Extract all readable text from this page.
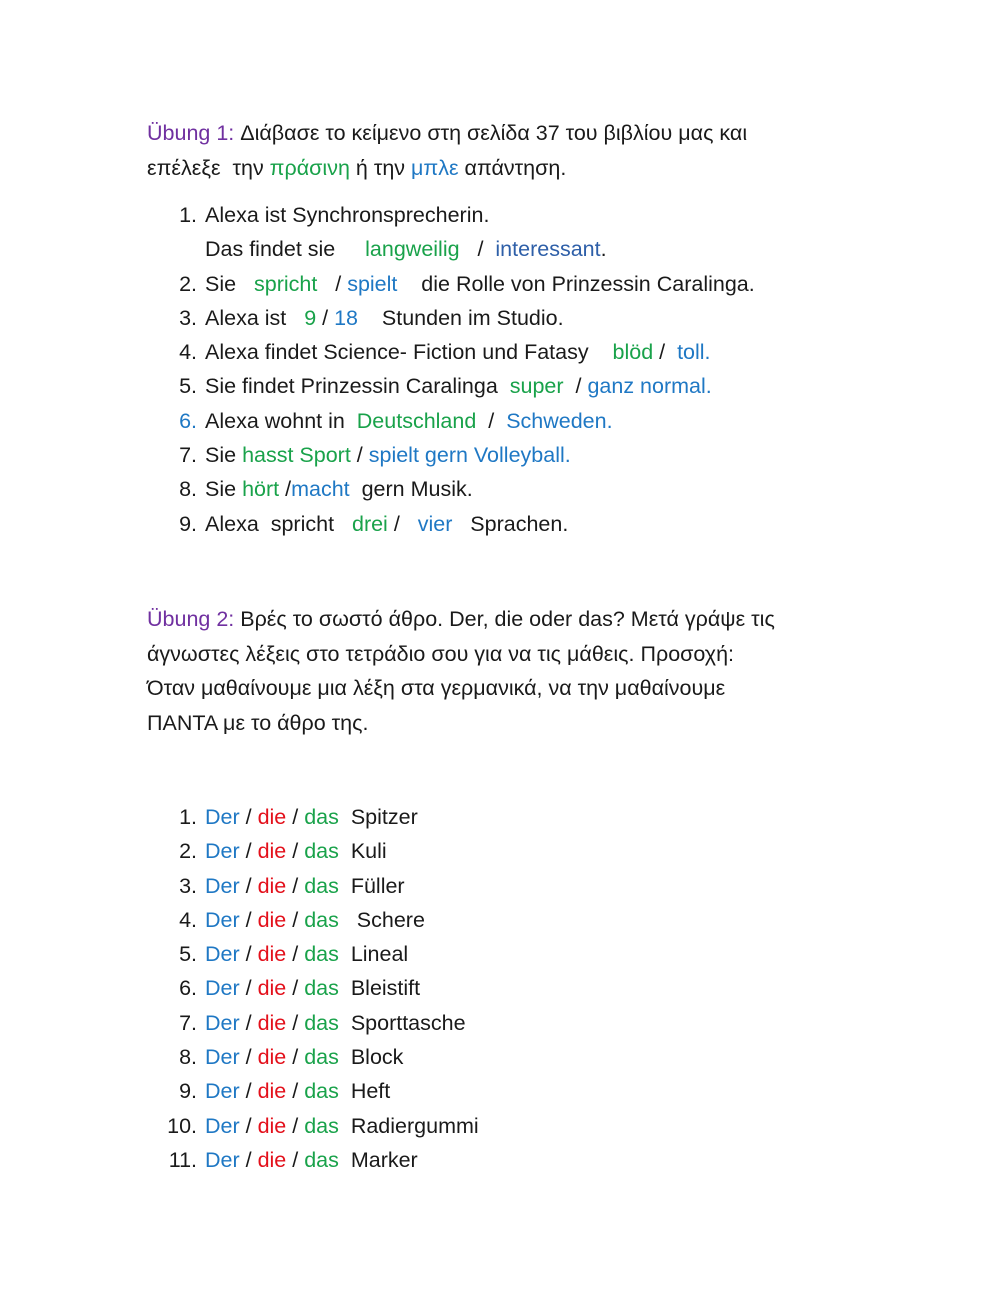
Übung 1: Διάβασε το κείμενο στη σελίδα 37 του βιβλίου μας και
επέλεξε  την πράσινη ή την μπλε απάντηση.
1. Alexa ist Synchronsprecherin.
Das findet sie     langweilig   /  interessant.
2. Sie   spricht   / spielt    die Rolle von Prinzessin Caralinga.
3. Alexa ist   9 / 18    Stunden im Studio.
4. Alexa findet Science- Fiction und Fatasy    blöd /  toll.
5. Sie findet Prinzessin Caralinga  super  / ganz normal.
6. Alexa wohnt in  Deutschland  /  Schweden.
7. Sie hasst Sport / spielt gern Volleyball.
8. Sie hört /macht  gern Musik.
9. Alexa  spricht   drei /   vier   Sprachen.
Übung 2: Βρές το σωστό άθρο. Der, die oder das? Μετά γράψε τις
άγνωστες λέξεις στο τετράδιο σου για να τις μάθεις. Προσοχή:
Όταν μαθαίνουμε μια λέξη στα γερμανικά, να την μαθαίνουμε
ΠΑΝΤΑ με το άθρο της.
1. Der / die / das  Spitzer
2. Der / die / das  Kuli
3. Der / die / das  Füller
4. Der / die / das   Schere
5. Der / die / das  Lineal
6. Der / die / das  Bleistift
7. Der / die / das  Sporttasche
8. Der / die / das  Block
9. Der / die / das  Heft
10. Der / die / das  Radiergummi
11. Der / die / das  Marker
